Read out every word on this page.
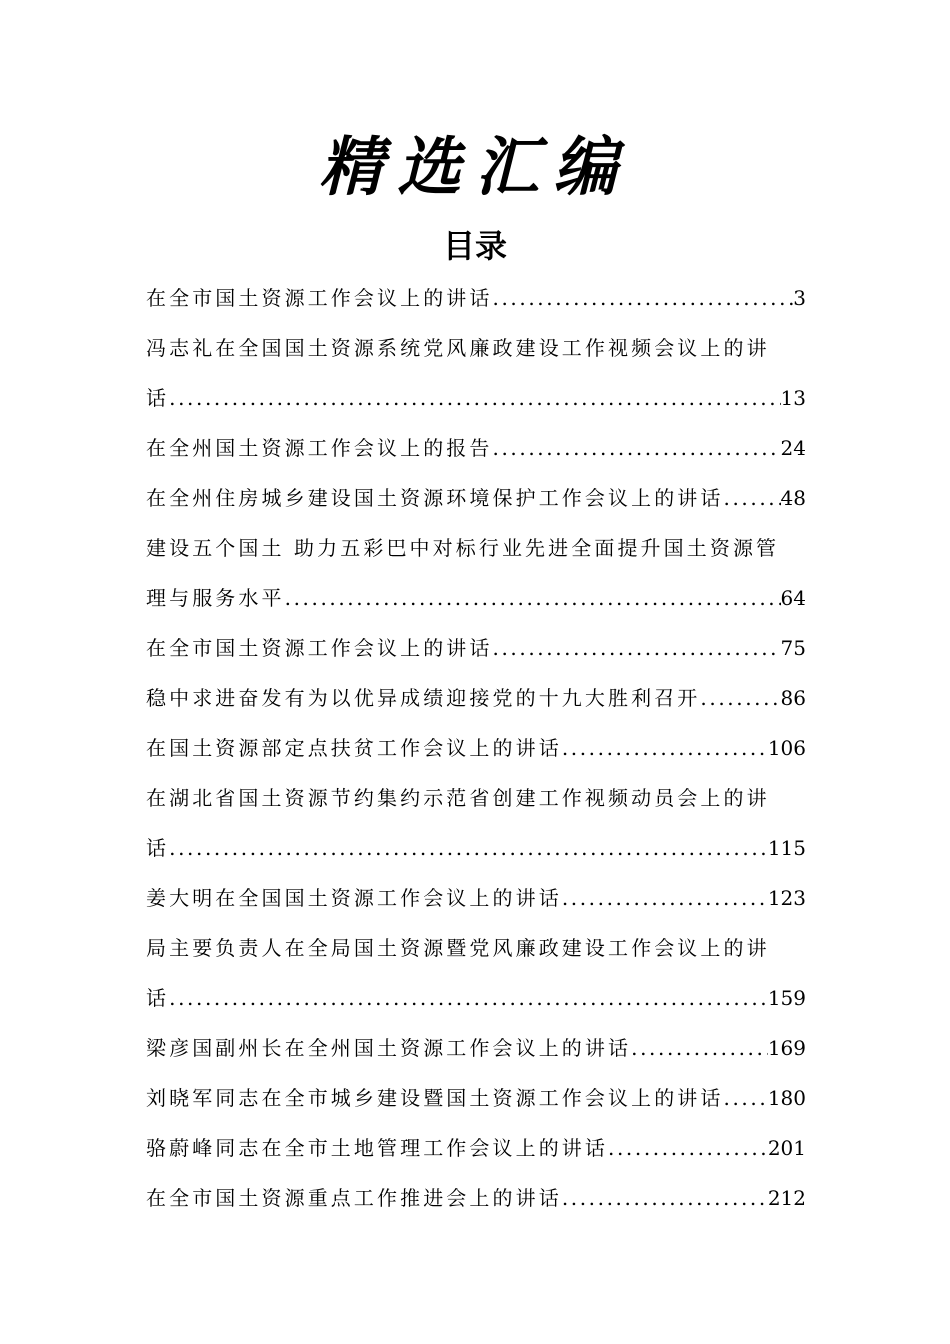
精选汇编
目录
在全市国土资源工作会议上的讲话 .....	3
冯志礼在全国国土资源系统党风廉政建设工作视频会议上的讲
话 .....	13
在全州国土资源工作会议上的报告 .....	24
在全州住房城乡建设国土资源环境保护工作会议上的讲话 .....	48
建设五个国土 助力五彩巴中对标行业先进全面提升国土资源管
理与服务水平 .....	64
在全市国土资源工作会议上的讲话 .....	75
稳中求进奋发有为以优异成绩迎接党的十九大胜利召开 .....	86
在国土资源部定点扶贫工作会议上的讲话 .....	106
在湖北省国土资源节约集约示范省创建工作视频动员会上的讲
话 .....	115
姜大明在全国国土资源工作会议上的讲话 .....	123
局主要负责人在全局国土资源暨党风廉政建设工作会议上的讲
话 .....	159
梁彦国副州长在全州国土资源工作会议上的讲话 .....	169
刘晓军同志在全市城乡建设暨国土资源工作会议上的讲话 ..... 180
骆蔚峰同志在全市土地管理工作会议上的讲话 .....	201
在全市国土资源重点工作推进会上的讲话 .....	212
